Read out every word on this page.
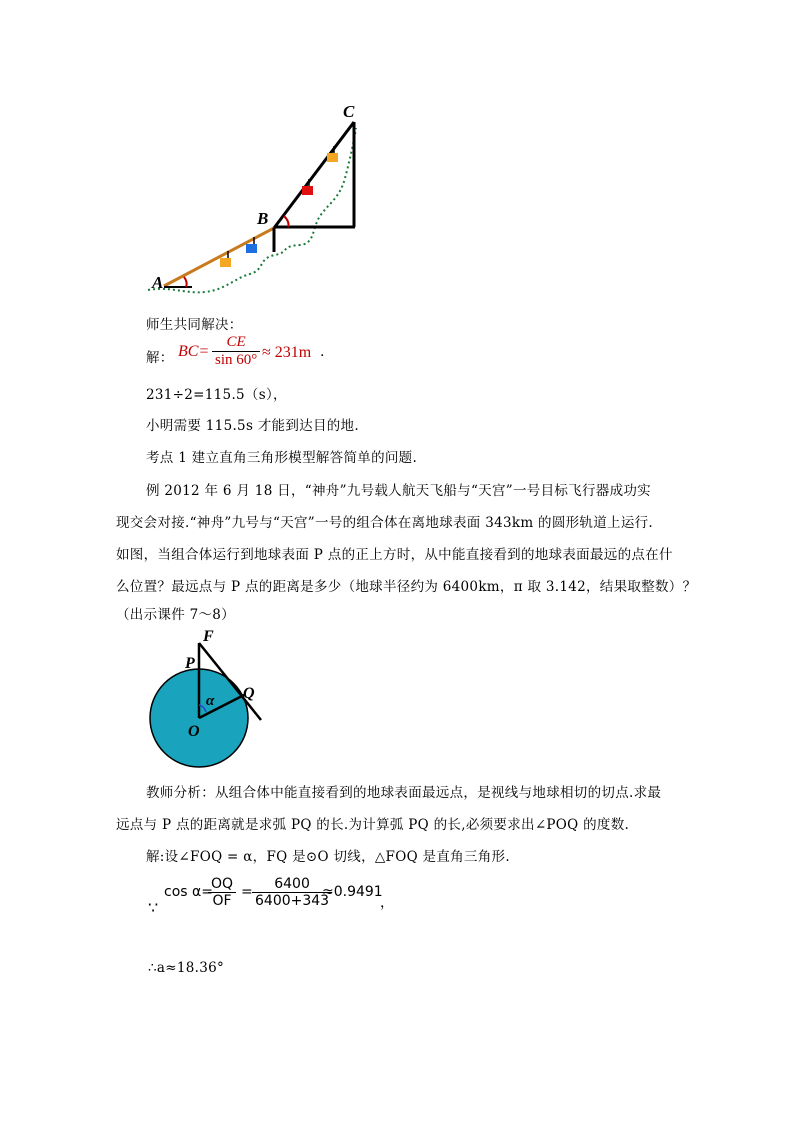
A
B
C
师生共同解决：
解： $BC= \frac{CE}{\sin 60^\circ} \approx 231m$ .
231÷2=115.5（s），
小明需要 115.5s 才能到达目的地.
考点 1 建立直角三角形模型解答简单的问题.
例 2012 年 6 月 18 日，“神舟”九号载人航天飞船与“天宫”一号目标飞行器成功实
现交会对接.“神舟”九号与“天宫”一号的组合体在离地球表面 343km 的圆形轨道上运行.
如图，当组合体运行到地球表面 P 点的正上方时，从中能直接看到的地球表面最远的点在什
么位置？最远点与 P 点的距离是多少（地球半径约为 6400km，π 取 3.142，结果取整数）？
（出示课件 7～8）
F
P
Q
O
α
教师分析：从组合体中能直接看到的地球表面最远点，是视线与地球相切的切点.求最
远点与 P 点的距离就是求弧 PQ 的长.为计算弧 PQ 的长,必须要求出∠POQ 的度数.
解:设∠FOQ = α，FQ 是⊙O 切线，△FOQ 是直角三角形.
∵
cos α=
$\frac{OQ}{OF} = \frac{6400}{6400+343}$
≈0.9491
，
∴a≈18.36°
